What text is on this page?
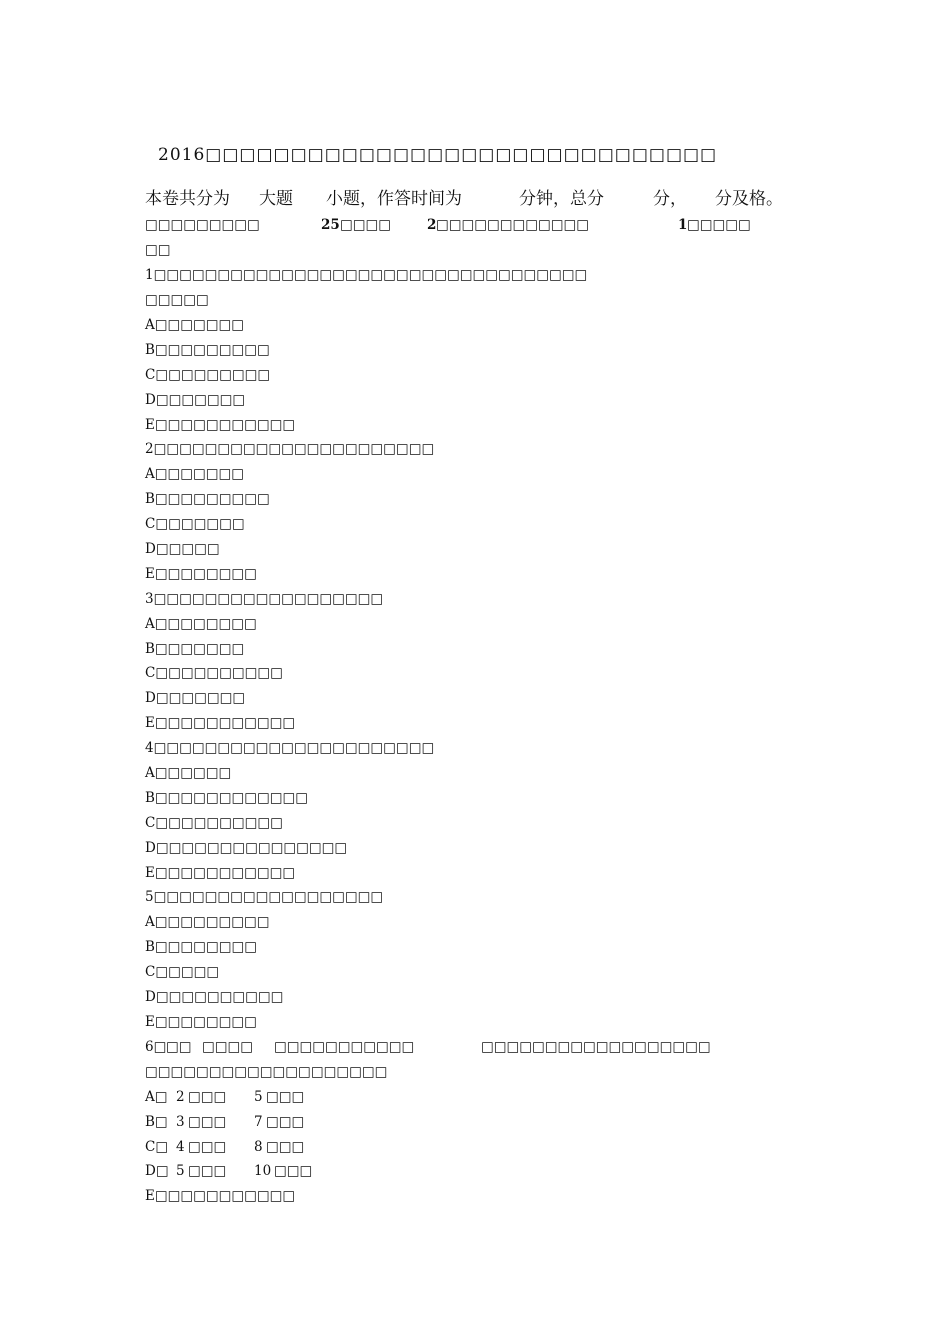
2016□□□□□□□□□□□□□□□□□□□□□□□□□□□□□□
本卷共分为 大题 小题，作答时间为	分钟，总分	分， 分及格。
□□□□□□□□□	25 □□□□	2 □□□□□□□□□□□□	1 □□□□□
□□
1□□□□□□□□□□□□□□□□□□□□□□□□□□□□□□□□□□
□□□□□
A□□□□□□□
B□□□□□□□□□
C□□□□□□□□□
D□□□□□□□
E□□□□□□□□□□□
2□□□□□□□□□□□□□□□□□□□□□□
A□□□□□□□
B□□□□□□□□□
C□□□□□□□
D□□□□□
E□□□□□□□□
3□□□□□□□□□□□□□□□□□□
A□□□□□□□□
B□□□□□□□
C□□□□□□□□□□
D□□□□□□□
E□□□□□□□□□□□
4□□□□□□□□□□□□□□□□□□□□□□
A□□□□□□
B□□□□□□□□□□□□
C□□□□□□□□□□
D□□□□□□□□□□□□□□□
E□□□□□□□□□□□
5□□□□□□□□□□□□□□□□□□
A□□□□□□□□□
B□□□□□□□□
C□□□□□
D□□□□□□□□□□
E□□□□□□□□
6□ □□ □□□□ □□□□□□□□□□□	□□□□□□□□□□□□□□□□□□
□□□□□□□□□□□□□□□□□□□
A□ 2 □□□ 5 □□□
B□ 3 □□□ 7 □□□
C□ 4 □□□ 8 □□□
D□ 5 □□□ 10 □□□
E□□□□□□□□□□□
